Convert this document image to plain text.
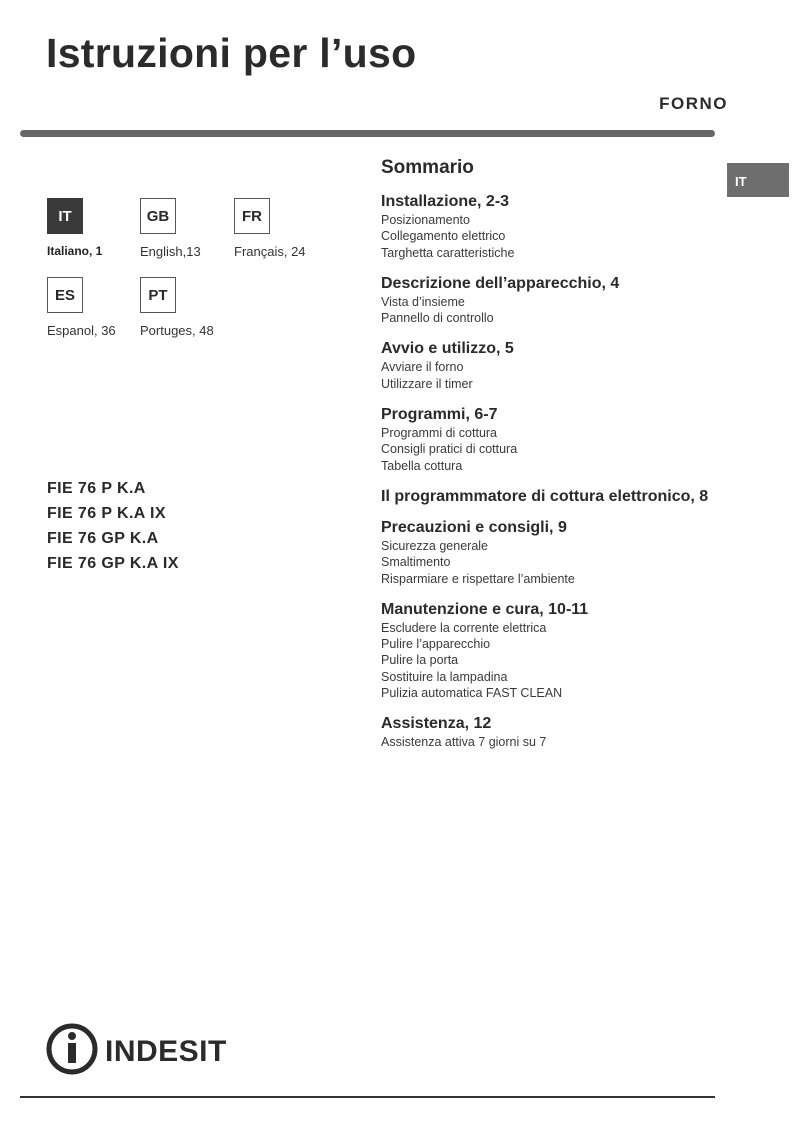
Istruzioni per l’uso
FORNO
IT
IT
Italiano, 1
GB
English,13
FR
Français, 24
ES
Espanol, 36
PT
Portuges, 48
FIE 76 P K.A
FIE 76 P K.A IX
FIE 76 GP K.A
FIE 76 GP K.A IX
Sommario
Installazione, 2-3
Posizionamento
Collegamento elettrico
Targhetta caratteristiche
Descrizione dell’apparecchio, 4
Vista d’insieme
Pannello di controllo
Avvio e utilizzo, 5
Avviare il forno
Utilizzare il timer
Programmi, 6-7
Programmi di cottura
Consigli pratici di cottura
Tabella cottura
Il programmmatore di cottura elettronico, 8
Precauzioni e consigli, 9
Sicurezza generale
Smaltimento
Risparmiare e rispettare l’ambiente
Manutenzione e cura, 10-11
Escludere la corrente elettrica
Pulire l’apparecchio
Pulire la porta
Sostituire la lampadina
Pulizia automatica FAST CLEAN
Assistenza, 12
Assistenza attiva 7 giorni su 7
INDESIT
